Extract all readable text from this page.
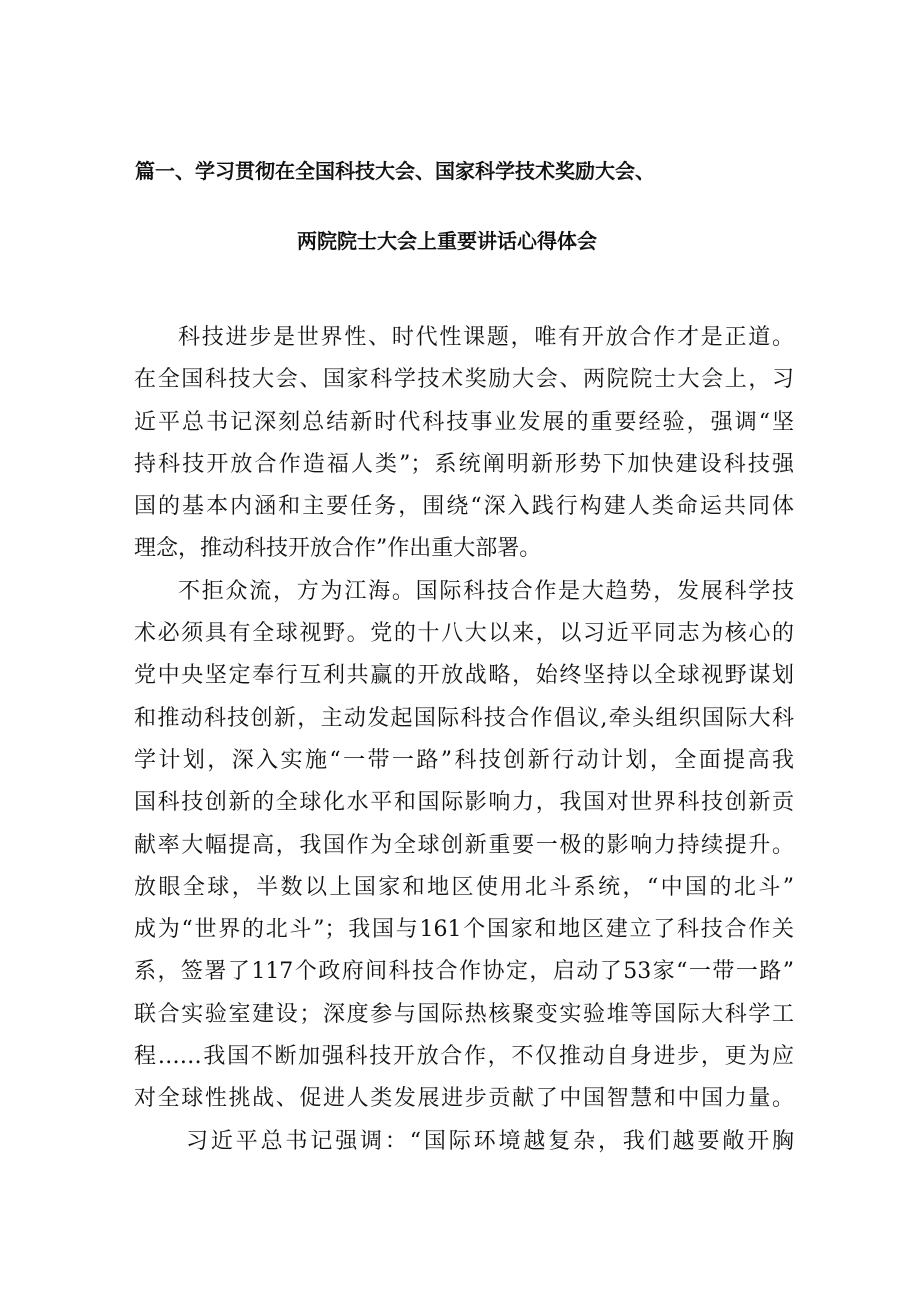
篇一、学习贯彻在全国科技大会、国家科学技术奖励大会、
两院院士大会上重要讲话心得体会
科技进步是世界性、时代性课题，唯有开放合作才是正道。
在全国科技大会、国家科学技术奖励大会、两院院士大会上，习
近平总书记深刻总结新时代科技事业发展的重要经验，强调“坚
持科技开放合作造福人类”；系统阐明新形势下加快建设科技强
国的基本内涵和主要任务，围绕“深入践行构建人类命运共同体
理念，推动科技开放合作”作出重大部署。
不拒众流，方为江海。国际科技合作是大趋势，发展科学技
术必须具有全球视野。党的十八大以来，以习近平同志为核心的
党中央坚定奉行互利共赢的开放战略，始终坚持以全球视野谋划
和推动科技创新，主动发起国际科技合作倡议,牵头组织国际大科
学计划，深入实施“一带一路”科技创新行动计划，全面提高我
国科技创新的全球化水平和国际影响力，我国对世界科技创新贡
献率大幅提高，我国作为全球创新重要一极的影响力持续提升。
放眼全球，半数以上国家和地区使用北斗系统，“中国的北斗”
成为“世界的北斗”；我国与161个国家和地区建立了科技合作关
系，签署了117个政府间科技合作协定，启动了53家“一带一路”
联合实验室建设；深度参与国际热核聚变实验堆等国际大科学工
程……我国不断加强科技开放合作，不仅推动自身进步，更为应
对全球性挑战、促进人类发展进步贡献了中国智慧和中国力量。
习近平总书记强调：“国际环境越复杂，我们越要敞开胸
